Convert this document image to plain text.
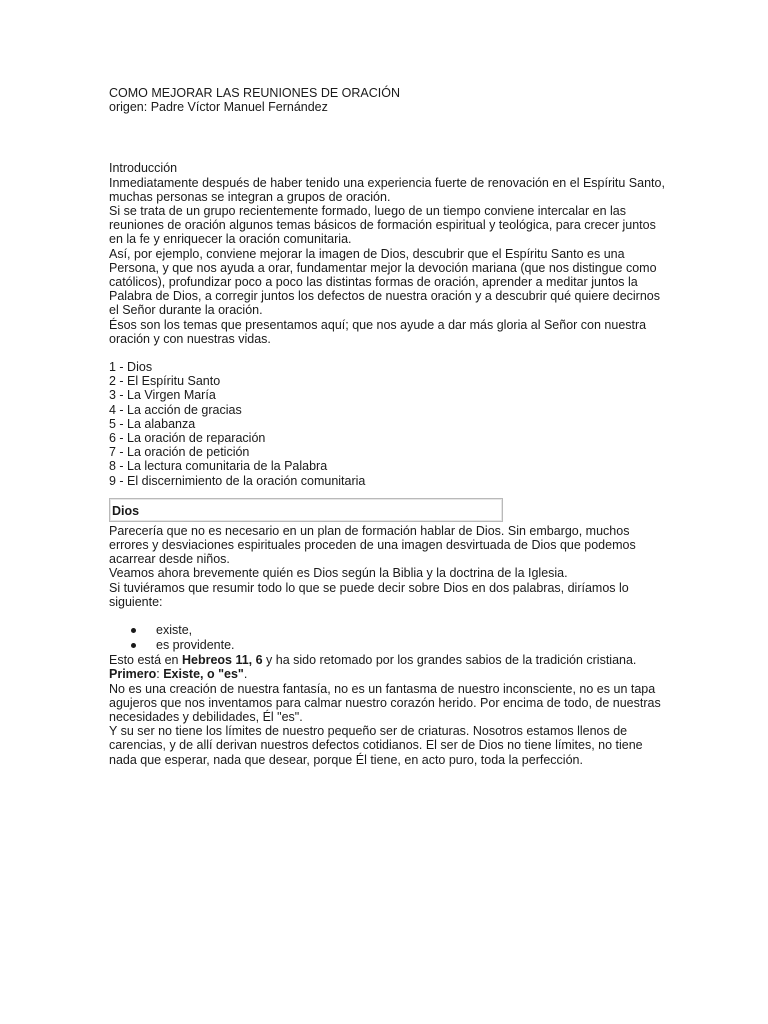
COMO MEJORAR LAS REUNIONES DE ORACIÓN

origen: Padre Víctor Manuel Fernández

Introducción

Inmediatamente después de haber tenido una experiencia fuerte de renovación en el Espíritu Santo, muchas personas se integran a grupos de oración.

Si se trata de un grupo recientemente formado, luego de un tiempo conviene intercalar en las reuniones de oración algunos temas básicos de formación espiritual y teológica, para crecer juntos en la fe y enriquecer la oración comunitaria.

Así, por ejemplo, conviene mejorar la imagen de Dios, descubrir que el Espíritu Santo es una Persona, y que nos ayuda a orar, fundamentar mejor la devoción mariana (que nos distingue como católicos), profundizar poco a poco las distintas formas de oración, aprender a meditar juntos la Palabra de Dios, a corregir juntos los defectos de nuestra oración y a descubrir qué quiere decirnos el Señor durante la oración.

Ésos son los temas que presentamos aquí; que nos ayude a dar más gloria al Señor con nuestra oración y con nuestras vidas.

1 - Dios
2 - El Espíritu Santo
3 - La Virgen María
4 - La acción de gracias
5 - La alabanza
6 - La oración de reparación
7 - La oración de petición
8 - La lectura comunitaria de la Palabra
9 - El discernimiento de la oración comunitaria
Dios

Parecería que no es necesario en un plan de formación hablar de Dios. Sin embargo, muchos errores y desviaciones espirituales proceden de una imagen desvirtuada de Dios que podemos acarrear desde niños.

Veamos ahora brevemente quién es Dios según la Biblia y la doctrina de la Iglesia.

Si tuviéramos que resumir todo lo que se puede decir sobre Dios en dos palabras, diríamos lo siguiente:

existe,
es providente.

Esto está en Hebreos 11, 6 y ha sido retomado por los grandes sabios de la tradición cristiana.

Primero: Existe, o "es".

No es una creación de nuestra fantasía, no es un fantasma de nuestro inconsciente, no es un tapa agujeros que nos inventamos para calmar nuestro corazón herido. Por encima de todo, de nuestras necesidades y debilidades, Él "es".

Y su ser no tiene los límites de nuestro pequeño ser de criaturas. Nosotros estamos llenos de carencias, y de allí derivan nuestros defectos cotidianos. El ser de Dios no tiene límites, no tiene nada que esperar, nada que desear, porque Él tiene, en acto puro, toda la perfección.
